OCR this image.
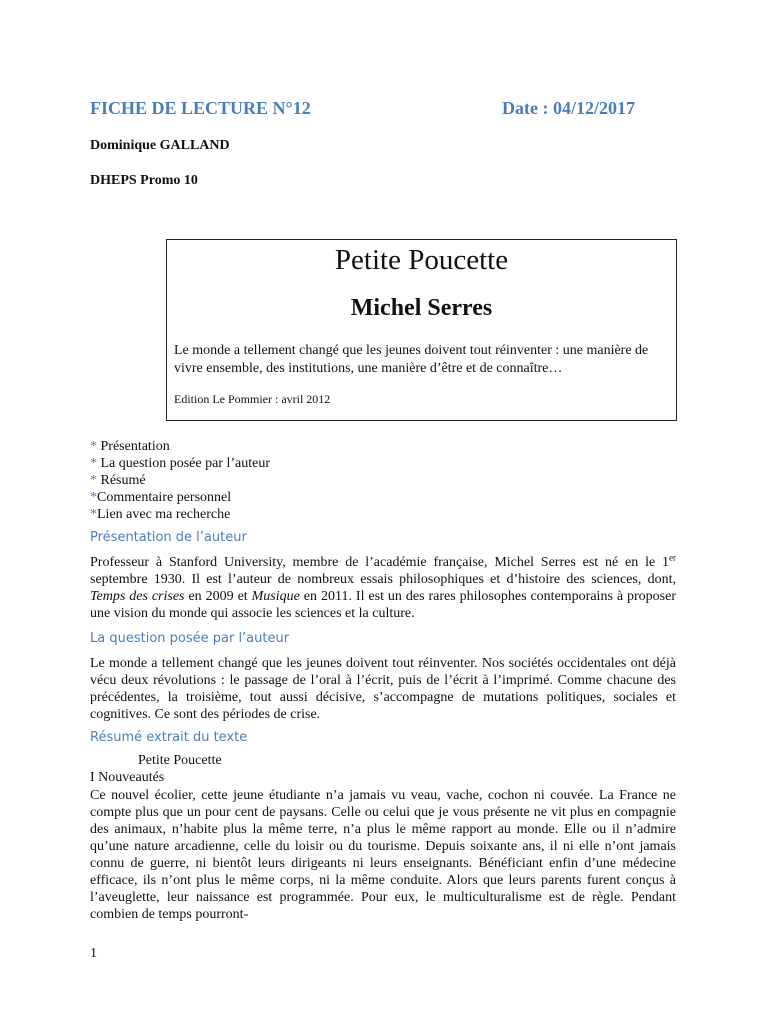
FICHE DE LECTURE N°12	Date : 04/12/2017
Dominique GALLAND
DHEPS Promo 10
Petite Poucette
Michel Serres
Le monde a tellement changé que les jeunes doivent tout réinventer : une manière de vivre ensemble, des institutions, une manière d’être et de connaître…
Edition Le Pommier : avril 2012
* Présentation
* La question posée par l’auteur
* Résumé
*Commentaire personnel
*Lien avec ma recherche
Présentation de l’auteur
Professeur à Stanford University, membre de l’académie française, Michel Serres est né en le 1er septembre 1930. Il est l’auteur de nombreux essais philosophiques et d’histoire des sciences, dont, Temps des crises en 2009 et Musique en 2011. Il est un des rares philosophes contemporains à proposer une vision du monde qui associe les sciences et la culture.
La question posée par l’auteur
Le monde a tellement changé que les jeunes doivent tout réinventer. Nos sociétés occidentales ont déjà vécu deux révolutions : le passage de l’oral à l’écrit, puis de l’écrit à l’imprimé. Comme chacune des précédentes, la troisième, tout aussi décisive, s’accompagne de mutations politiques, sociales et cognitives. Ce sont des périodes de crise.
Résumé extrait du texte
Petite Poucette
I Nouveautés
Ce nouvel écolier, cette jeune étudiante n’a jamais vu veau, vache, cochon ni couvée. La France ne compte plus que un pour cent de paysans. Celle ou celui que je vous présente ne vit plus en compagnie des animaux, n’habite plus la même terre, n’a plus le même rapport au monde. Elle ou il n’admire qu’une nature arcadienne, celle du loisir ou du tourisme. Depuis soixante ans, il ni elle n’ont jamais connu de guerre, ni bientôt leurs dirigeants ni leurs enseignants. Bénéficiant enfin d’une médecine efficace, ils n’ont plus le même corps, ni la même conduite. Alors que leurs parents furent conçus à l’aveuglette, leur naissance est programmée. Pour eux, le multiculturalisme est de règle. Pendant combien de temps pourront-
1
